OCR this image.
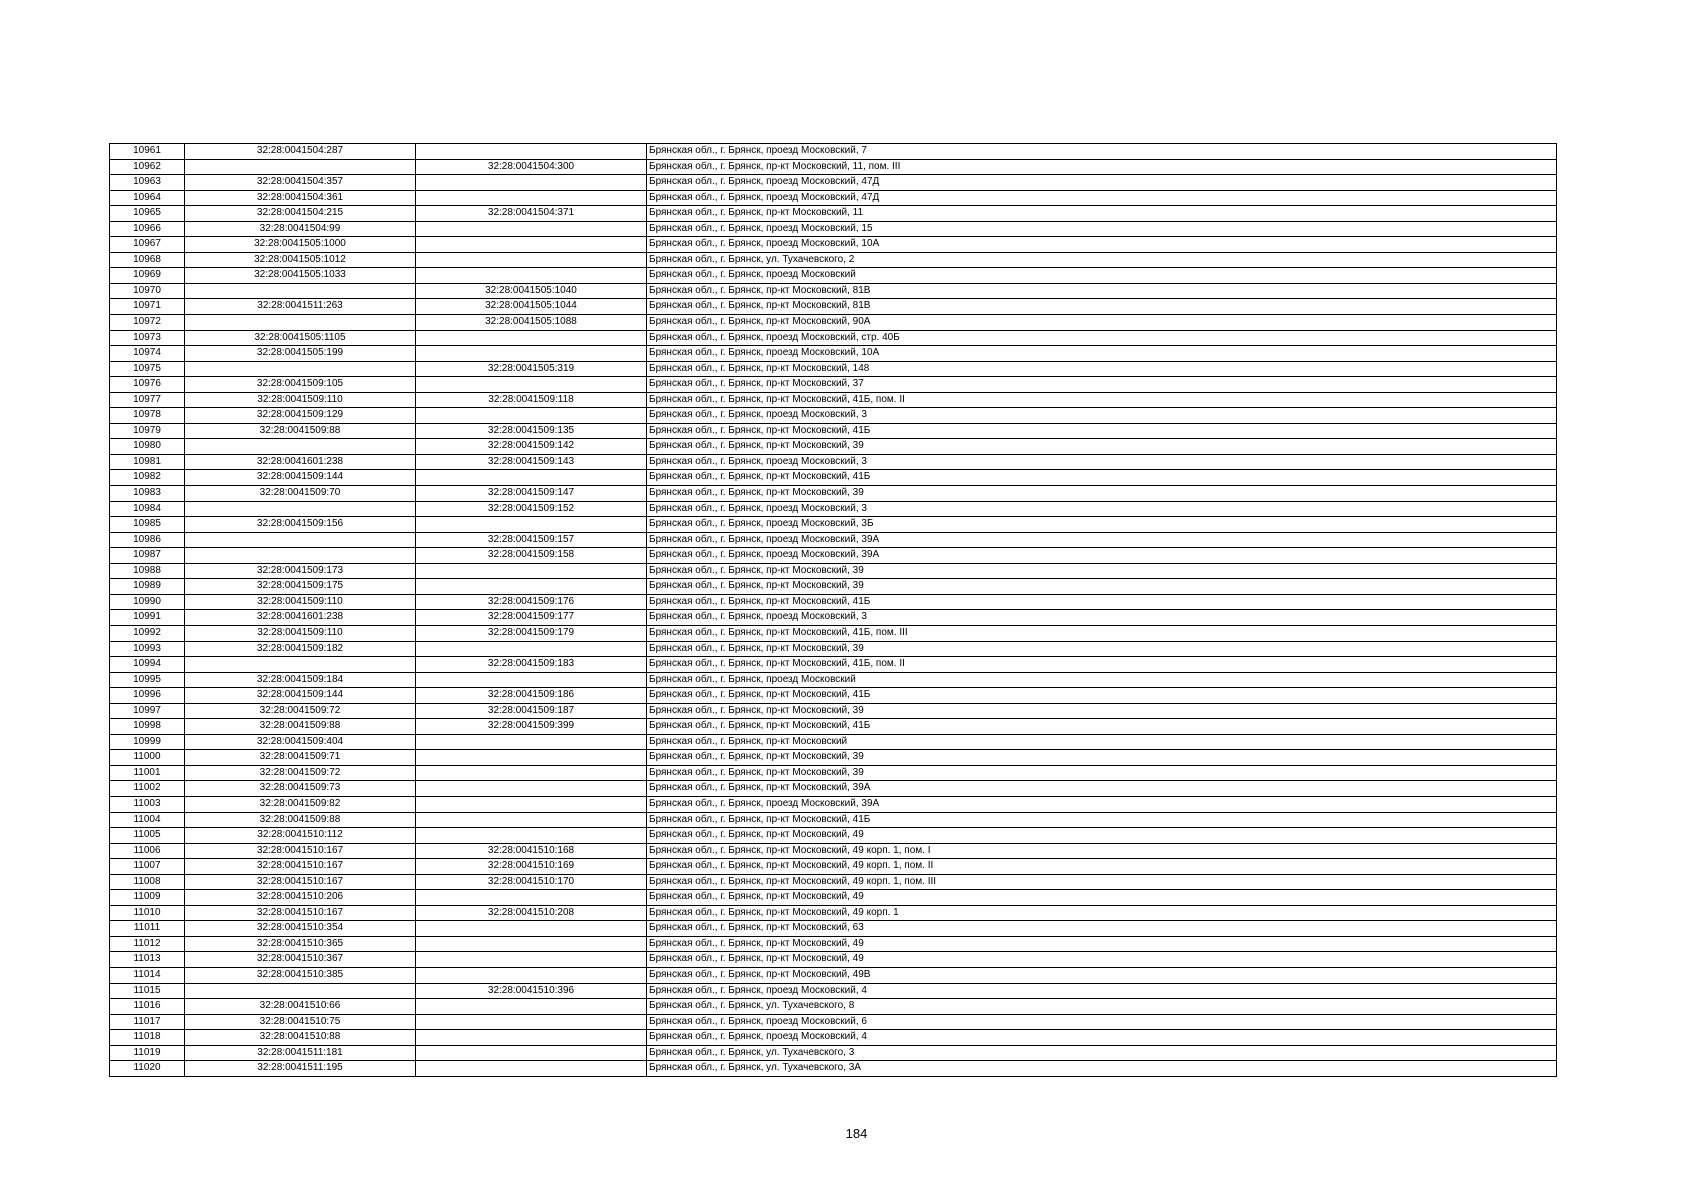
10961	32:28:0041504:287		Брянская обл., г. Брянск, проезд Московский, 7
10962		32:28:0041504:300	Брянская обл., г. Брянск, пр-кт Московский, 11, пом. III
10963	32:28:0041504:357		Брянская обл., г. Брянск, проезд Московский, 47Д
10964	32:28:0041504:361		Брянская обл., г. Брянск, проезд Московский, 47Д
10965	32:28:0041504:215	32:28:0041504:371	Брянская обл., г. Брянск, пр-кт Московский, 11
10966	32:28:0041504:99		Брянская обл., г. Брянск, проезд Московский, 15
10967	32:28:0041505:1000		Брянская обл., г. Брянск, проезд Московский, 10А
10968	32:28:0041505:1012		Брянская обл., г. Брянск, ул. Тухачевского, 2
10969	32:28:0041505:1033		Брянская обл., г. Брянск, проезд Московский
10970		32:28:0041505:1040	Брянская обл., г. Брянск, пр-кт Московский, 81В
10971	32:28:0041511:263	32:28:0041505:1044	Брянская обл., г. Брянск, пр-кт Московский, 81В
10972		32:28:0041505:1088	Брянская обл., г. Брянск, пр-кт Московский, 90А
10973	32:28:0041505:1105		Брянская обл., г. Брянск, проезд Московский, стр. 40Б
10974	32:28:0041505:199		Брянская обл., г. Брянск, проезд Московский, 10А
10975		32:28:0041505:319	Брянская обл., г. Брянск, пр-кт Московский, 148
10976	32:28:0041509:105		Брянская обл., г. Брянск, пр-кт Московский, 37
10977	32:28:0041509:110	32:28:0041509:118	Брянская обл., г. Брянск, пр-кт Московский, 41Б, пом. II
10978	32:28:0041509:129		Брянская обл., г. Брянск, проезд Московский, 3
10979	32:28:0041509:88	32:28:0041509:135	Брянская обл., г. Брянск, пр-кт Московский, 41Б
10980		32:28:0041509:142	Брянская обл., г. Брянск, пр-кт Московский, 39
10981	32:28:0041601:238	32:28:0041509:143	Брянская обл., г. Брянск, проезд Московский, 3
10982	32:28:0041509:144		Брянская обл., г. Брянск, пр-кт Московский, 41Б
10983	32:28:0041509:70	32:28:0041509:147	Брянская обл., г. Брянск, пр-кт Московский, 39
10984		32:28:0041509:152	Брянская обл., г. Брянск, проезд Московский, 3
10985	32:28:0041509:156		Брянская обл., г. Брянск, проезд Московский, 3Б
10986		32:28:0041509:157	Брянская обл., г. Брянск, проезд Московский, 39А
10987		32:28:0041509:158	Брянская обл., г. Брянск, проезд Московский, 39А
10988	32:28:0041509:173		Брянская обл., г. Брянск, пр-кт Московский, 39
10989	32:28:0041509:175		Брянская обл., г. Брянск, пр-кт Московский, 39
10990	32:28:0041509:110	32:28:0041509:176	Брянская обл., г. Брянск, пр-кт Московский, 41Б
10991	32:28:0041601:238	32:28:0041509:177	Брянская обл., г. Брянск, проезд Московский, 3
10992	32:28:0041509:110	32:28:0041509:179	Брянская обл., г. Брянск, пр-кт Московский, 41Б, пом. III
10993	32:28:0041509:182		Брянская обл., г. Брянск, пр-кт Московский, 39
10994		32:28:0041509:183	Брянская обл., г. Брянск, пр-кт Московский, 41Б, пом. II
10995	32:28:0041509:184		Брянская обл., г. Брянск, проезд Московский
10996	32:28:0041509:144	32:28:0041509:186	Брянская обл., г. Брянск, пр-кт Московский, 41Б
10997	32:28:0041509:72	32:28:0041509:187	Брянская обл., г. Брянск, пр-кт Московский, 39
10998	32:28:0041509:88	32:28:0041509:399	Брянская обл., г. Брянск, пр-кт Московский, 41Б
10999	32:28:0041509:404		Брянская обл., г. Брянск, пр-кт Московский
11000	32:28:0041509:71		Брянская обл., г. Брянск, пр-кт Московский, 39
11001	32:28:0041509:72		Брянская обл., г. Брянск, пр-кт Московский, 39
11002	32:28:0041509:73		Брянская обл., г. Брянск, пр-кт Московский, 39А
11003	32:28:0041509:82		Брянская обл., г. Брянск, проезд Московский, 39А
11004	32:28:0041509:88		Брянская обл., г. Брянск, пр-кт Московский, 41Б
11005	32:28:0041510:112		Брянская обл., г. Брянск, пр-кт Московский, 49
11006	32:28:0041510:167	32:28:0041510:168	Брянская обл., г. Брянск, пр-кт Московский, 49 корп. 1, пом. I
11007	32:28:0041510:167	32:28:0041510:169	Брянская обл., г. Брянск, пр-кт Московский, 49 корп. 1, пом. II
11008	32:28:0041510:167	32:28:0041510:170	Брянская обл., г. Брянск, пр-кт Московский, 49 корп. 1, пом. III
11009	32:28:0041510:206		Брянская обл., г. Брянск, пр-кт Московский, 49
11010	32:28:0041510:167	32:28:0041510:208	Брянская обл., г. Брянск, пр-кт Московский, 49 корп. 1
11011	32:28:0041510:354		Брянская обл., г. Брянск, пр-кт Московский, 63
11012	32:28:0041510:365		Брянская обл., г. Брянск, пр-кт Московский, 49
11013	32:28:0041510:367		Брянская обл., г. Брянск, пр-кт Московский, 49
11014	32:28:0041510:385		Брянская обл., г. Брянск, пр-кт Московский, 49В
11015		32:28:0041510:396	Брянская обл., г. Брянск, проезд Московский, 4
11016	32:28:0041510:66		Брянская обл., г. Брянск, ул. Тухачевского, 8
11017	32:28:0041510:75		Брянская обл., г. Брянск, проезд Московский, 6
11018	32:28:0041510:88		Брянская обл., г. Брянск, проезд Московский, 4
11019	32:28:0041511:181		Брянская обл., г. Брянск, ул. Тухачевского, 3
11020	32:28:0041511:195		Брянская обл., г. Брянск, ул. Тухачевского, 3А
184
